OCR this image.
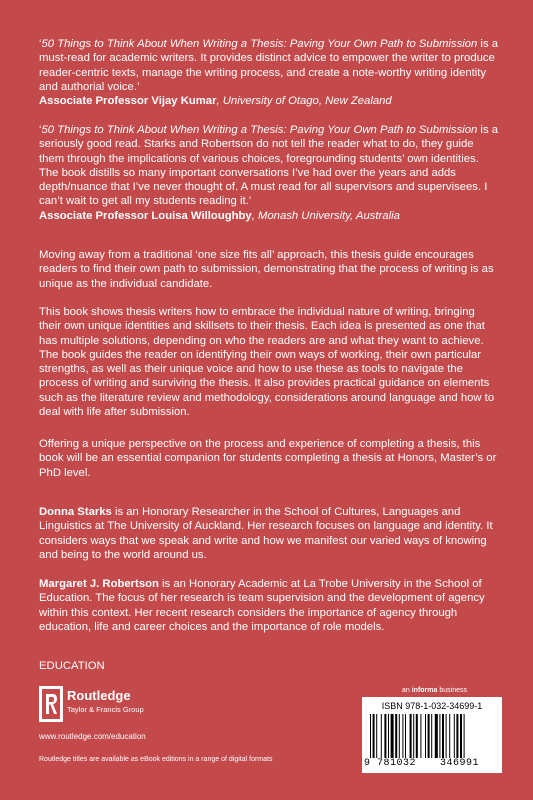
‘50 Things to Think About When Writing a Thesis: Paving Your Own Path to Submission is a must-read for academic writers. It provides distinct advice to empower the writer to produce reader-centric texts, manage the writing process, and create a note-worthy writing identity and authorial voice.’
Associate Professor Vijay Kumar, University of Otago, New Zealand

‘50 Things to Think About When Writing a Thesis: Paving Your Own Path to Submission is a seriously good read. Starks and Robertson do not tell the reader what to do, they guide them through the implications of various choices, foregrounding students’ own identities. The book distills so many important conversations I’ve had over the years and adds depth/nuance that I’ve never thought of. A must read for all supervisors and supervisees. I can’t wait to get all my students reading it.’
Associate Professor Louisa Willoughby, Monash University, Australia

Moving away from a traditional ‘one size fits all’ approach, this thesis guide encourages readers to find their own path to submission, demonstrating that the process of writing is as unique as the individual candidate.

This book shows thesis writers how to embrace the individual nature of writing, bringing their own unique identities and skillsets to their thesis. Each idea is presented as one that has multiple solutions, depending on who the readers are and what they want to achieve. The book guides the reader on identifying their own ways of working, their own particular strengths, as well as their unique voice and how to use these as tools to navigate the process of writing and surviving the thesis. It also provides practical guidance on elements such as the literature review and methodology, considerations around language and how to deal with life after submission.

Offering a unique perspective on the process and experience of completing a thesis, this book will be an essential companion for students completing a thesis at Honors, Master’s or PhD level.

Donna Starks is an Honorary Researcher in the School of Cultures, Languages and Linguistics at The University of Auckland. Her research focuses on language and identity. It considers ways that we speak and write and how we manifest our varied ways of knowing and being to the world around us.

Margaret J. Robertson is an Honorary Academic at La Trobe University in the School of Education. The focus of her research is team supervision and the development of agency within this context. Her recent research considers the importance of agency through education, life and career choices and the importance of role models.

EDUCATION
Routledge
Taylor & Francis Group
www.routledge.com/education
Routledge titles are available as eBook editions in a range of digital formats
an informa business
ISBN 978-1-032-34699-1
9 781032 346991
